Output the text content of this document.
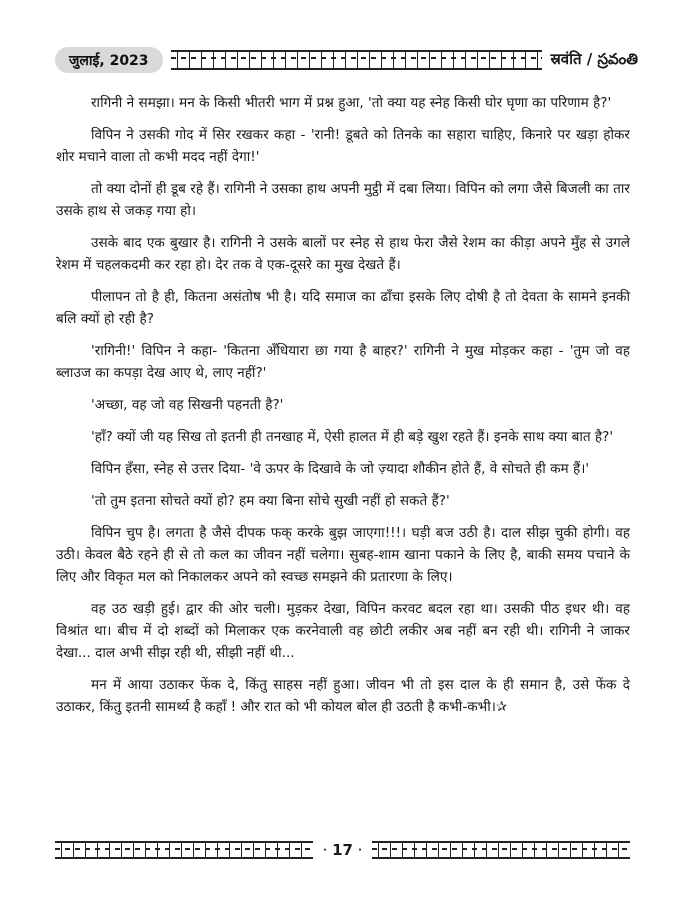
जुलाई, 2023	स्रवंति / స్రవంతి

रागिनी ने समझा। मन के किसी भीतरी भाग में प्रश्न हुआ, 'तो क्या यह स्नेह किसी घोर घृणा का परिणाम है?'

विपिन ने उसकी गोद में सिर रखकर कहा - 'रानी! डूबते को तिनके का सहारा चाहिए, किनारे पर खड़ा होकर शोर मचाने वाला तो कभी मदद नहीं देगा!'

तो क्या दोनों ही डूब रहे हैं। रागिनी ने उसका हाथ अपनी मुट्ठी में दबा लिया। विपिन को लगा जैसे बिजली का तार उसके हाथ से जकड़ गया हो।

उसके बाद एक बुखार है। रागिनी ने उसके बालों पर स्नेह से हाथ फेरा जैसे रेशम का कीड़ा अपने मुँह से उगले रेशम में चहलकदमी कर रहा हो। देर तक वे एक-दूसरे का मुख देखते हैं।

पीलापन तो है ही, कितना असंतोष भी है। यदि समाज का ढाँचा इसके लिए दोषी है तो देवता के सामने इनकी बलि क्यों हो रही है?

'रागिनी!' विपिन ने कहा- 'कितना अँधियारा छा गया है बाहर?' रागिनी ने मुख मोड़कर कहा - 'तुम जो वह ब्लाउज का कपड़ा देख आए थे, लाए नहीं?'

'अच्छा, वह जो वह सिखनी पहनती है?'

'हाँ? क्यों जी यह सिख तो इतनी ही तनखाह में, ऐसी हालत में ही बड़े खुश रहते हैं। इनके साथ क्या बात है?'

विपिन हँसा, स्नेह से उत्तर दिया- 'वे ऊपर के दिखावे के जो ज़्यादा शौकीन होते हैं, वे सोचते ही कम हैं।'

'तो तुम इतना सोचते क्यों हो? हम क्या बिना सोचे सुखी नहीं हो सकते हैं?'

विपिन चुप है। लगता है जैसे दीपक फक् करके बुझ जाएगा!!!। घड़ी बज उठी है। दाल सीझ चुकी होगी। वह उठी। केवल बैठे रहने ही से तो कल का जीवन नहीं चलेगा। सुबह-शाम खाना पकाने के लिए है, बाकी समय पचाने के लिए और विकृत मल को निकालकर अपने को स्वच्छ समझने की प्रतारणा के लिए।

वह उठ खड़ी हुई। द्वार की ओर चली। मुड़कर देखा, विपिन करवट बदल रहा था। उसकी पीठ इधर थी। वह विश्रांत था। बीच में दो शब्दों को मिलाकर एक करनेवाली वह छोटी लकीर अब नहीं बन रही थी। रागिनी ने जाकर देखा... दाल अभी सीझ रही थी, सीझी नहीं थी...

मन में आया उठाकर फेंक दे, किंतु साहस नहीं हुआ। जीवन भी तो इस दाल के ही समान है, उसे फेंक दे उठाकर, किंतु इतनी सामर्थ्य है कहाँ ! और रात को भी कोयल बोल ही उठती है कभी-कभी।✰

· 17 ·
